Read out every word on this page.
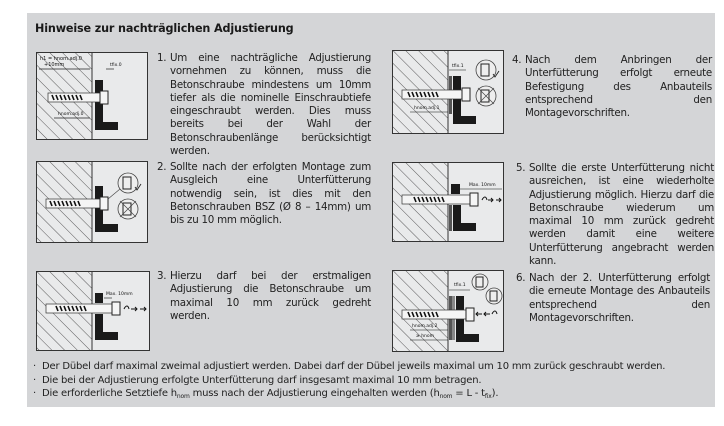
Hinweise zur nachträglichen Adjustierung
h1 = hnom.adj.0
+10mm	tfix.0
hnom.adj.0
Max. 10mm
tfix.1
hnom.adj.1
Max. 10mm
tfix.1
hnom.adj.2
≥ hnom
1. Um eine nachträgliche Adjustierung vornehmen zu können, muss die Betonschraube mindestens um 10mm tiefer als die nominelle Einschraubtiefe eingeschraubt werden. Dies muss bereits bei der Wahl der Betonschraubenlänge berücksichtigt werden.
2. Sollte nach der erfolgten Montage zum Ausgleich eine Unterfütterung notwendig sein, ist dies mit den Betonschrauben BSZ (Ø 8 – 14mm) um bis zu 10 mm möglich.
3. Hierzu darf bei der erstmaligen Adjustierung die Betonschraube um maximal 10 mm zurück gedreht werden.
4. Nach dem Anbringen der Unterfütterung erfolgt erneute Befestigung des Anbauteils entsprechend den Montagevorschriften.
5. Sollte die erste Unterfütterung nicht ausreichen, ist eine wiederholte Adjustierung möglich. Hierzu darf die Betonschraube wiederum um maximal 10 mm zurück gedreht werden damit eine weitere Unterfütterung angebracht werden kann.
6. Nach der 2. Unterfütterung erfolgt die erneute Montage des Anbauteils entsprechend den Montagevorschriften.
· Der Dübel darf maximal zweimal adjustiert werden. Dabei darf der Dübel jeweils maximal um 10 mm zurück geschraubt werden.
· Die bei der Adjustierung erfolgte Unterfütterung darf insgesamt maximal 10 mm betragen.
· Die erforderliche Setztiefe $h_{nom}$ muss nach der Adjustierung eingehalten werden $(h_{nom} = L - t_{fix})$.
